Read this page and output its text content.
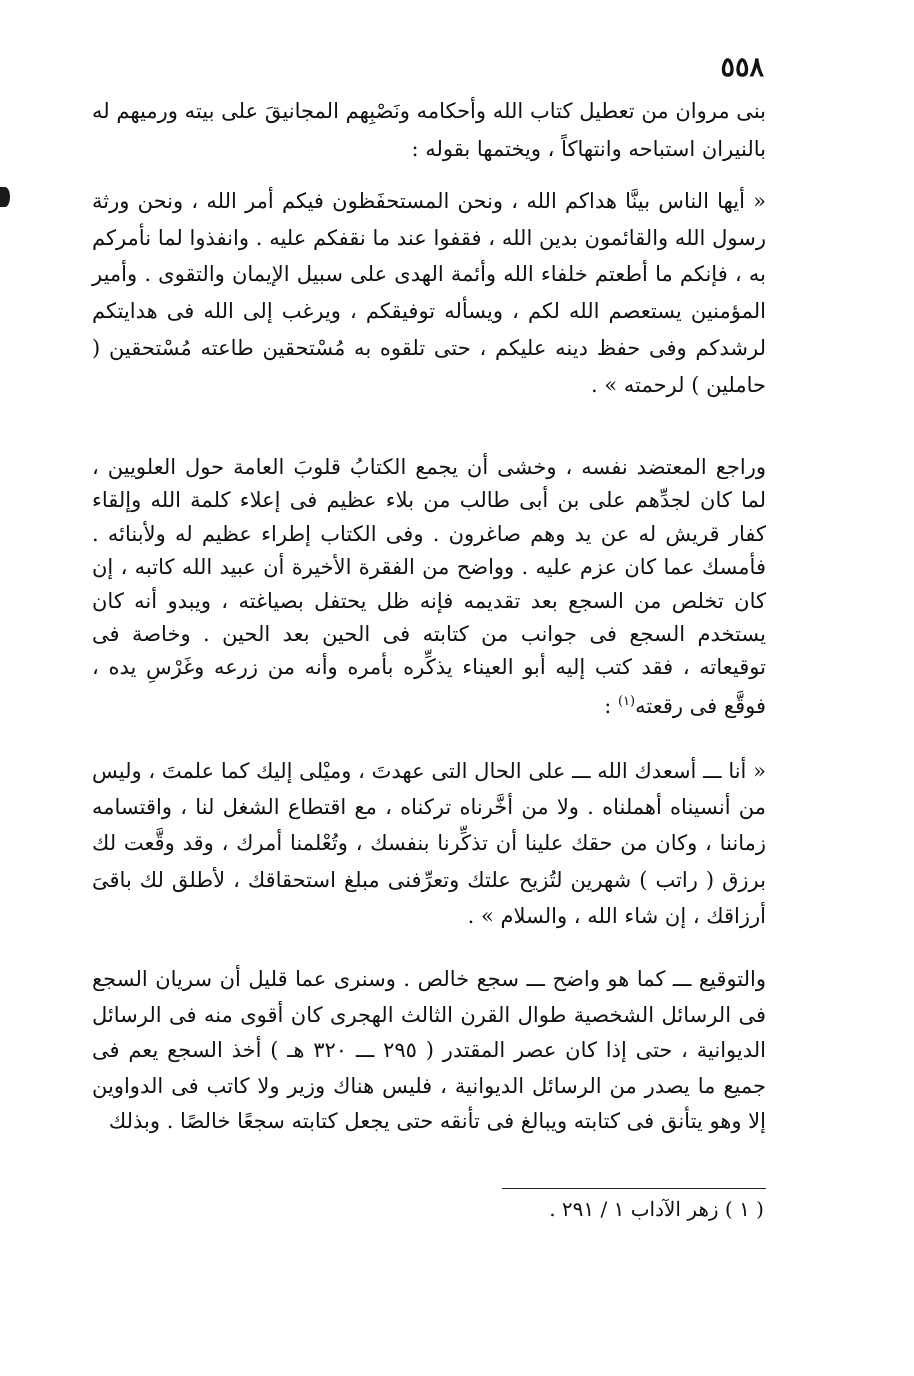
٥٥٨
بنى مروان من تعطيل كتاب الله وأحكامه ونَصْبِهم المجانيقَ على بيته ورميهم له بالنيران استباحه وانتهاكاً ، ويختمها بقوله :
« أيها الناس بينَّا هداكم الله ، ونحن المستحفَظون فيكم أمر الله ، ونحن ورثة رسول الله والقائمون بدين الله ، فقفوا عند ما نقفكم عليه . وانفذوا لما نأمركم به ، فإنكم ما أطعتم خلفاء الله وأئمة الهدى على سبيل الإيمان والتقوى . وأمير المؤمنين يستعصم الله لكم ، ويسأله توفيقكم ، ويرغب إلى الله فى هدايتكم لرشدكم وفى حفظ دينه عليكم ، حتى تلقوه به مُسْتحقين طاعته مُسْتحقين ( حاملين ) لرحمته » .
وراجع المعتضد نفسه ، وخشى أن يجمع الكتابُ قلوبَ العامة حول العلويين ، لما كان لجدِّهم على بن أبى طالب من بلاء عظيم فى إعلاء كلمة الله وإلقاء كفار قريش له عن يد وهم صاغرون . وفى الكتاب إطراء عظيم له ولأبنائه . فأمسك عما كان عزم عليه . وواضح من الفقرة الأخيرة أن عبيد الله كاتبه ، إن كان تخلص من السجع بعد تقديمه فإنه ظل يحتفل بصياغته ، ويبدو أنه كان يستخدم السجع فى جوانب من كتابته فى الحين بعد الحين . وخاصة فى توقيعاته ، فقد كتب إليه أبو العيناء يذكِّره بأمره وأنه من زرعه وغَرْسِ يده ، فوقَّع فى رقعته$^{(١)}$ :
« أنا ـــ أسعدك الله ـــ على الحال التى عهدتَ ، وميْلى إليك كما علمتَ ، وليس من أنسيناه أهملناه . ولا من أخَّرناه تركناه ، مع اقتطاع الشغل لنا ، واقتسامه زماننا ، وكان من حقك علينا أن تذكِّرنا بنفسك ، وتُعْلمنا أمرك ، وقد وقَّعت لك برزق ( راتب ) شهرين لتُزيح علتك وتعرِّفنى مبلغ استحقاقك ، لأطلق لك باقىَ أرزاقك ، إن شاء الله ، والسلام » .
والتوقيع ـــ كما هو واضح ـــ سجع خالص . وسنرى عما قليل أن سريان السجع فى الرسائل الشخصية طوال القرن الثالث الهجرى كان أقوى منه فى الرسائل الديوانية ، حتى إذا كان عصر المقتدر ( ٢٩٥ ـــ ٣٢٠ هـ ) أخذ السجع يعم فى جميع ما يصدر من الرسائل الديوانية ، فليس هناك وزير ولا كاتب فى الدواوين إلا وهو يتأنق فى كتابته ويبالغ فى تأنقه حتى يجعل كتابته سجعًا خالصًا . وبذلك
( ١ ) زهر الآداب ١ / ٢٩١ .
